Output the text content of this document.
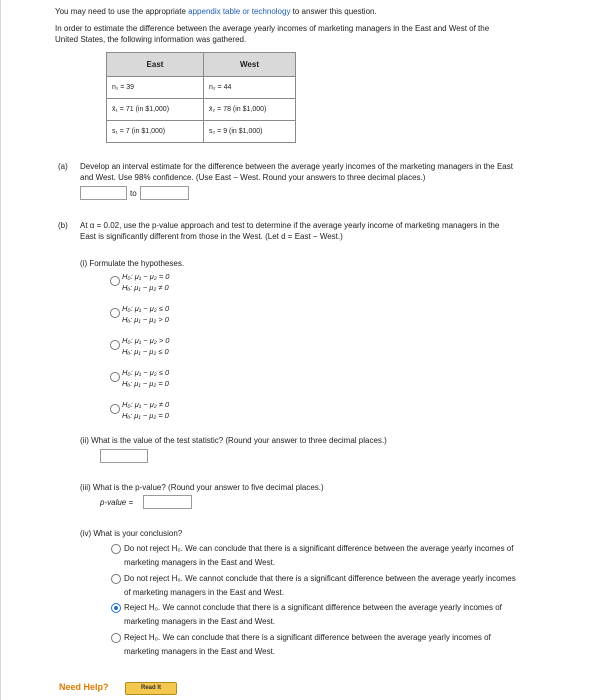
You may need to use the appropriate appendix table or technology to answer this question.
In order to estimate the difference between the average yearly incomes of marketing managers in the East and West of the
United States, the following information was gathered.
East	West
n₁ = 39	n₂ = 44
x̄₁ = 71 (in $1,000)	x̄₂ = 78 (in $1,000)
s₁ = 7 (in $1,000)	s₂ = 9 (in $1,000)
(a) Develop an interval estimate for the difference between the average yearly incomes of the marketing managers in the East
and West. Use 98% confidence. (Use East − West. Round your answers to three decimal places.)
to
(b) At α = 0.02, use the p-value approach and test to determine if the average yearly income of marketing managers in the
East is significantly different from those in the West. (Let d = East − West.)
(i) Formulate the hypotheses.
H₀: μ₁ − μ₂ = 0
Hₐ: μ₁ − μ₂ ≠ 0
H₀: μ₁ − μ₂ ≤ 0
Hₐ: μ₁ − μ₂ > 0
H₀: μ₁ − μ₂ > 0
Hₐ: μ₁ − μ₂ ≤ 0
H₀: μ₁ − μ₂ ≤ 0
Hₐ: μ₁ − μ₂ = 0
H₀: μ₁ − μ₂ ≠ 0
Hₐ: μ₁ − μ₂ = 0
(ii) What is the value of the test statistic? (Round your answer to three decimal places.)
(iii) What is the p-value? (Round your answer to five decimal places.)
p-value =
(iv) What is your conclusion?
Do not reject H₀. We can conclude that there is a significant difference between the average yearly incomes of
marketing managers in the East and West.
Do not reject H₀. We cannot conclude that there is a significant difference between the average yearly incomes
of marketing managers in the East and West.
Reject H₀. We cannot conclude that there is a significant difference between the average yearly incomes of
marketing managers in the East and West.
Reject H₀. We can conclude that there is a significant difference between the average yearly incomes of
marketing managers in the East and West.
Need Help?	Read It
